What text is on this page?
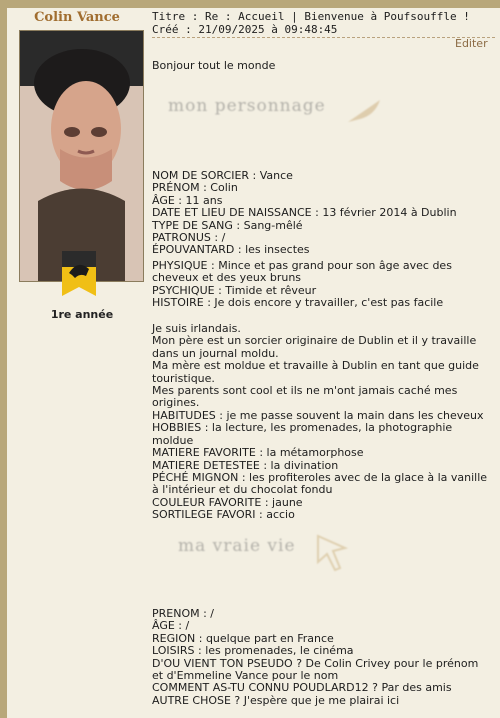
Colin Vance
1re année
Titre : Re : Accueil | Bienvenue à Poufsouffle !
Créé : 21/09/2025 à 09:48:45
Editer
Bonjour tout le monde
mon personnage
NOM DE SORCIER : Vance
PRÉNOM : Colin
ÂGE : 11 ans
DATE ET LIEU DE NAISSANCE : 13 février 2014 à Dublin
TYPE DE SANG : Sang-mêlé
PATRONUS : /
ÉPOUVANTARD : les insectes
PHYSIQUE : Mince et pas grand pour son âge avec des cheveux et des yeux bruns
PSYCHIQUE : Timide et rêveur
HISTOIRE : Je dois encore y travailler, c'est pas facile
Je suis irlandais.
Mon père est un sorcier originaire de Dublin et il y travaille dans un journal moldu.
Ma mère est moldue et travaille à Dublin en tant que guide touristique.
Mes parents sont cool et ils ne m'ont jamais caché mes origines.
HABITUDES : je me passe souvent la main dans les cheveux
HOBBIES : la lecture, les promenades, la photographie moldue
MATIERE FAVORITE : la métamorphose
MATIERE DETESTEE : la divination
PÉCHÉ MIGNON : les profiteroles avec de la glace à la vanille à l'intérieur et du chocolat fondu
COULEUR FAVORITE : jaune
SORTILEGE FAVORI : accio
ma vraie vie
PRENOM : /
ÂGE : /
REGION : quelque part en France
LOISIRS : les promenades, le cinéma
D'OU VIENT TON PSEUDO ? De Colin Crivey pour le prénom et d'Emmeline Vance pour le nom
COMMENT AS-TU CONNU POUDLARD12 ? Par des amis
AUTRE CHOSE ? J'espère que je me plairai ici
